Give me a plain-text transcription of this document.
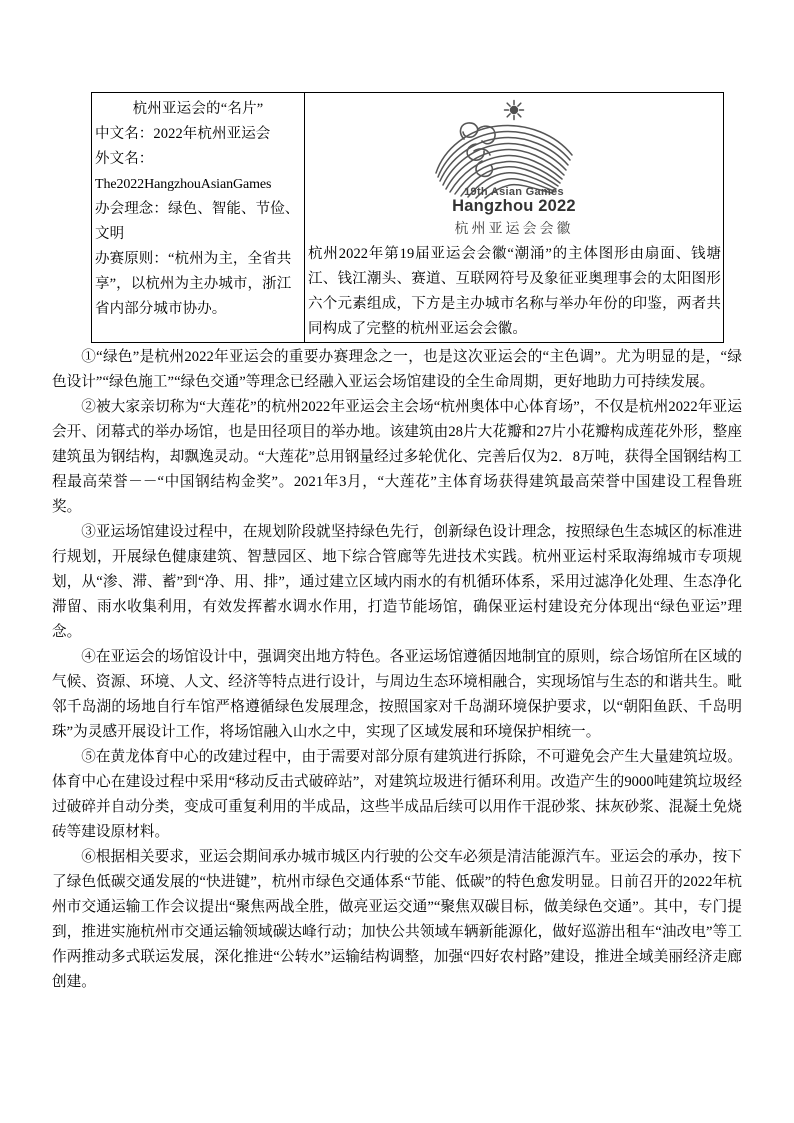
杭州亚运会的“名片”
中文名：2022年杭州亚运会
外文名：
The2022HangzhouAsianGames
办会理念：绿色、智能、节俭、文明
办赛原则：“杭州为主，全省共享”，以杭州为主办城市，浙江省内部分城市协办。

19th Asian Games
Hangzhou 2022
杭州亚运会会徽
杭州2022年第19届亚运会会徽“潮涌”的主体图形由扇面、钱塘江、钱江潮头、赛道、互联网符号及象征亚奥理事会的太阳图形六个元素组成，下方是主办城市名称与举办年份的印鉴，两者共同构成了完整的杭州亚运会会徽。

①“绿色”是杭州2022年亚运会的重要办赛理念之一，也是这次亚运会的“主色调”。尤为明显的是，“绿色设计”“绿色施工”“绿色交通”等理念已经融入亚运会场馆建设的全生命周期，更好地助力可持续发展。

②被大家亲切称为“大莲花”的杭州2022年亚运会主会场“杭州奥体中心体育场”，不仅是杭州2022年亚运会开、闭幕式的举办场馆，也是田径项目的举办地。该建筑由28片大花瓣和27片小花瓣构成莲花外形，整座建筑虽为钢结构，却飘逸灵动。“大莲花”总用钢量经过多轮优化、完善后仅为2．8万吨，获得全国钢结构工程最高荣誉－－“中国钢结构金奖”。2021年3月，“大莲花”主体育场获得建筑最高荣誉中国建设工程鲁班奖。

③亚运场馆建设过程中，在规划阶段就坚持绿色先行，创新绿色设计理念，按照绿色生态城区的标准进行规划，开展绿色健康建筑、智慧园区、地下综合管廊等先进技术实践。杭州亚运村采取海绵城市专项规划，从“渗、滞、蓄”到“净、用、排”，通过建立区域内雨水的有机循环体系，采用过滤净化处理、生态净化滞留、雨水收集利用，有效发挥蓄水调水作用，打造节能场馆，确保亚运村建设充分体现出“绿色亚运”理念。

④在亚运会的场馆设计中，强调突出地方特色。各亚运场馆遵循因地制宜的原则，综合场馆所在区域的气候、资源、环境、人文、经济等特点进行设计，与周边生态环境相融合，实现场馆与生态的和谐共生。毗邻千岛湖的场地自行车馆严格遵循绿色发展理念，按照国家对千岛湖环境保护要求，以“朝阳鱼跃、千岛明珠”为灵感开展设计工作，将场馆融入山水之中，实现了区域发展和环境保护相统一。

⑤在黄龙体育中心的改建过程中，由于需要对部分原有建筑进行拆除，不可避免会产生大量建筑垃圾。体育中心在建设过程中采用“移动反击式破碎站”，对建筑垃圾进行循环利用。改造产生的9000吨建筑垃圾经过破碎并自动分类，变成可重复利用的半成品，这些半成品后续可以用作干混砂浆、抹灰砂浆、混凝土免烧砖等建设原材料。

⑥根据相关要求，亚运会期间承办城市城区内行驶的公交车必须是清洁能源汽车。亚运会的承办，按下了绿色低碳交通发展的“快进键”，杭州市绿色交通体系“节能、低碳”的特色愈发明显。日前召开的2022年杭州市交通运输工作会议提出“聚焦两战全胜，做亮亚运交通”“聚焦双碳目标，做美绿色交通”。其中，专门提到，推进实施杭州市交通运输领域碳达峰行动；加快公共领域车辆新能源化，做好巡游出租车“油改电”等工作两推动多式联运发展，深化推进“公转水”运输结构调整，加强“四好农村路”建设，推进全域美丽经济走廊创建。
